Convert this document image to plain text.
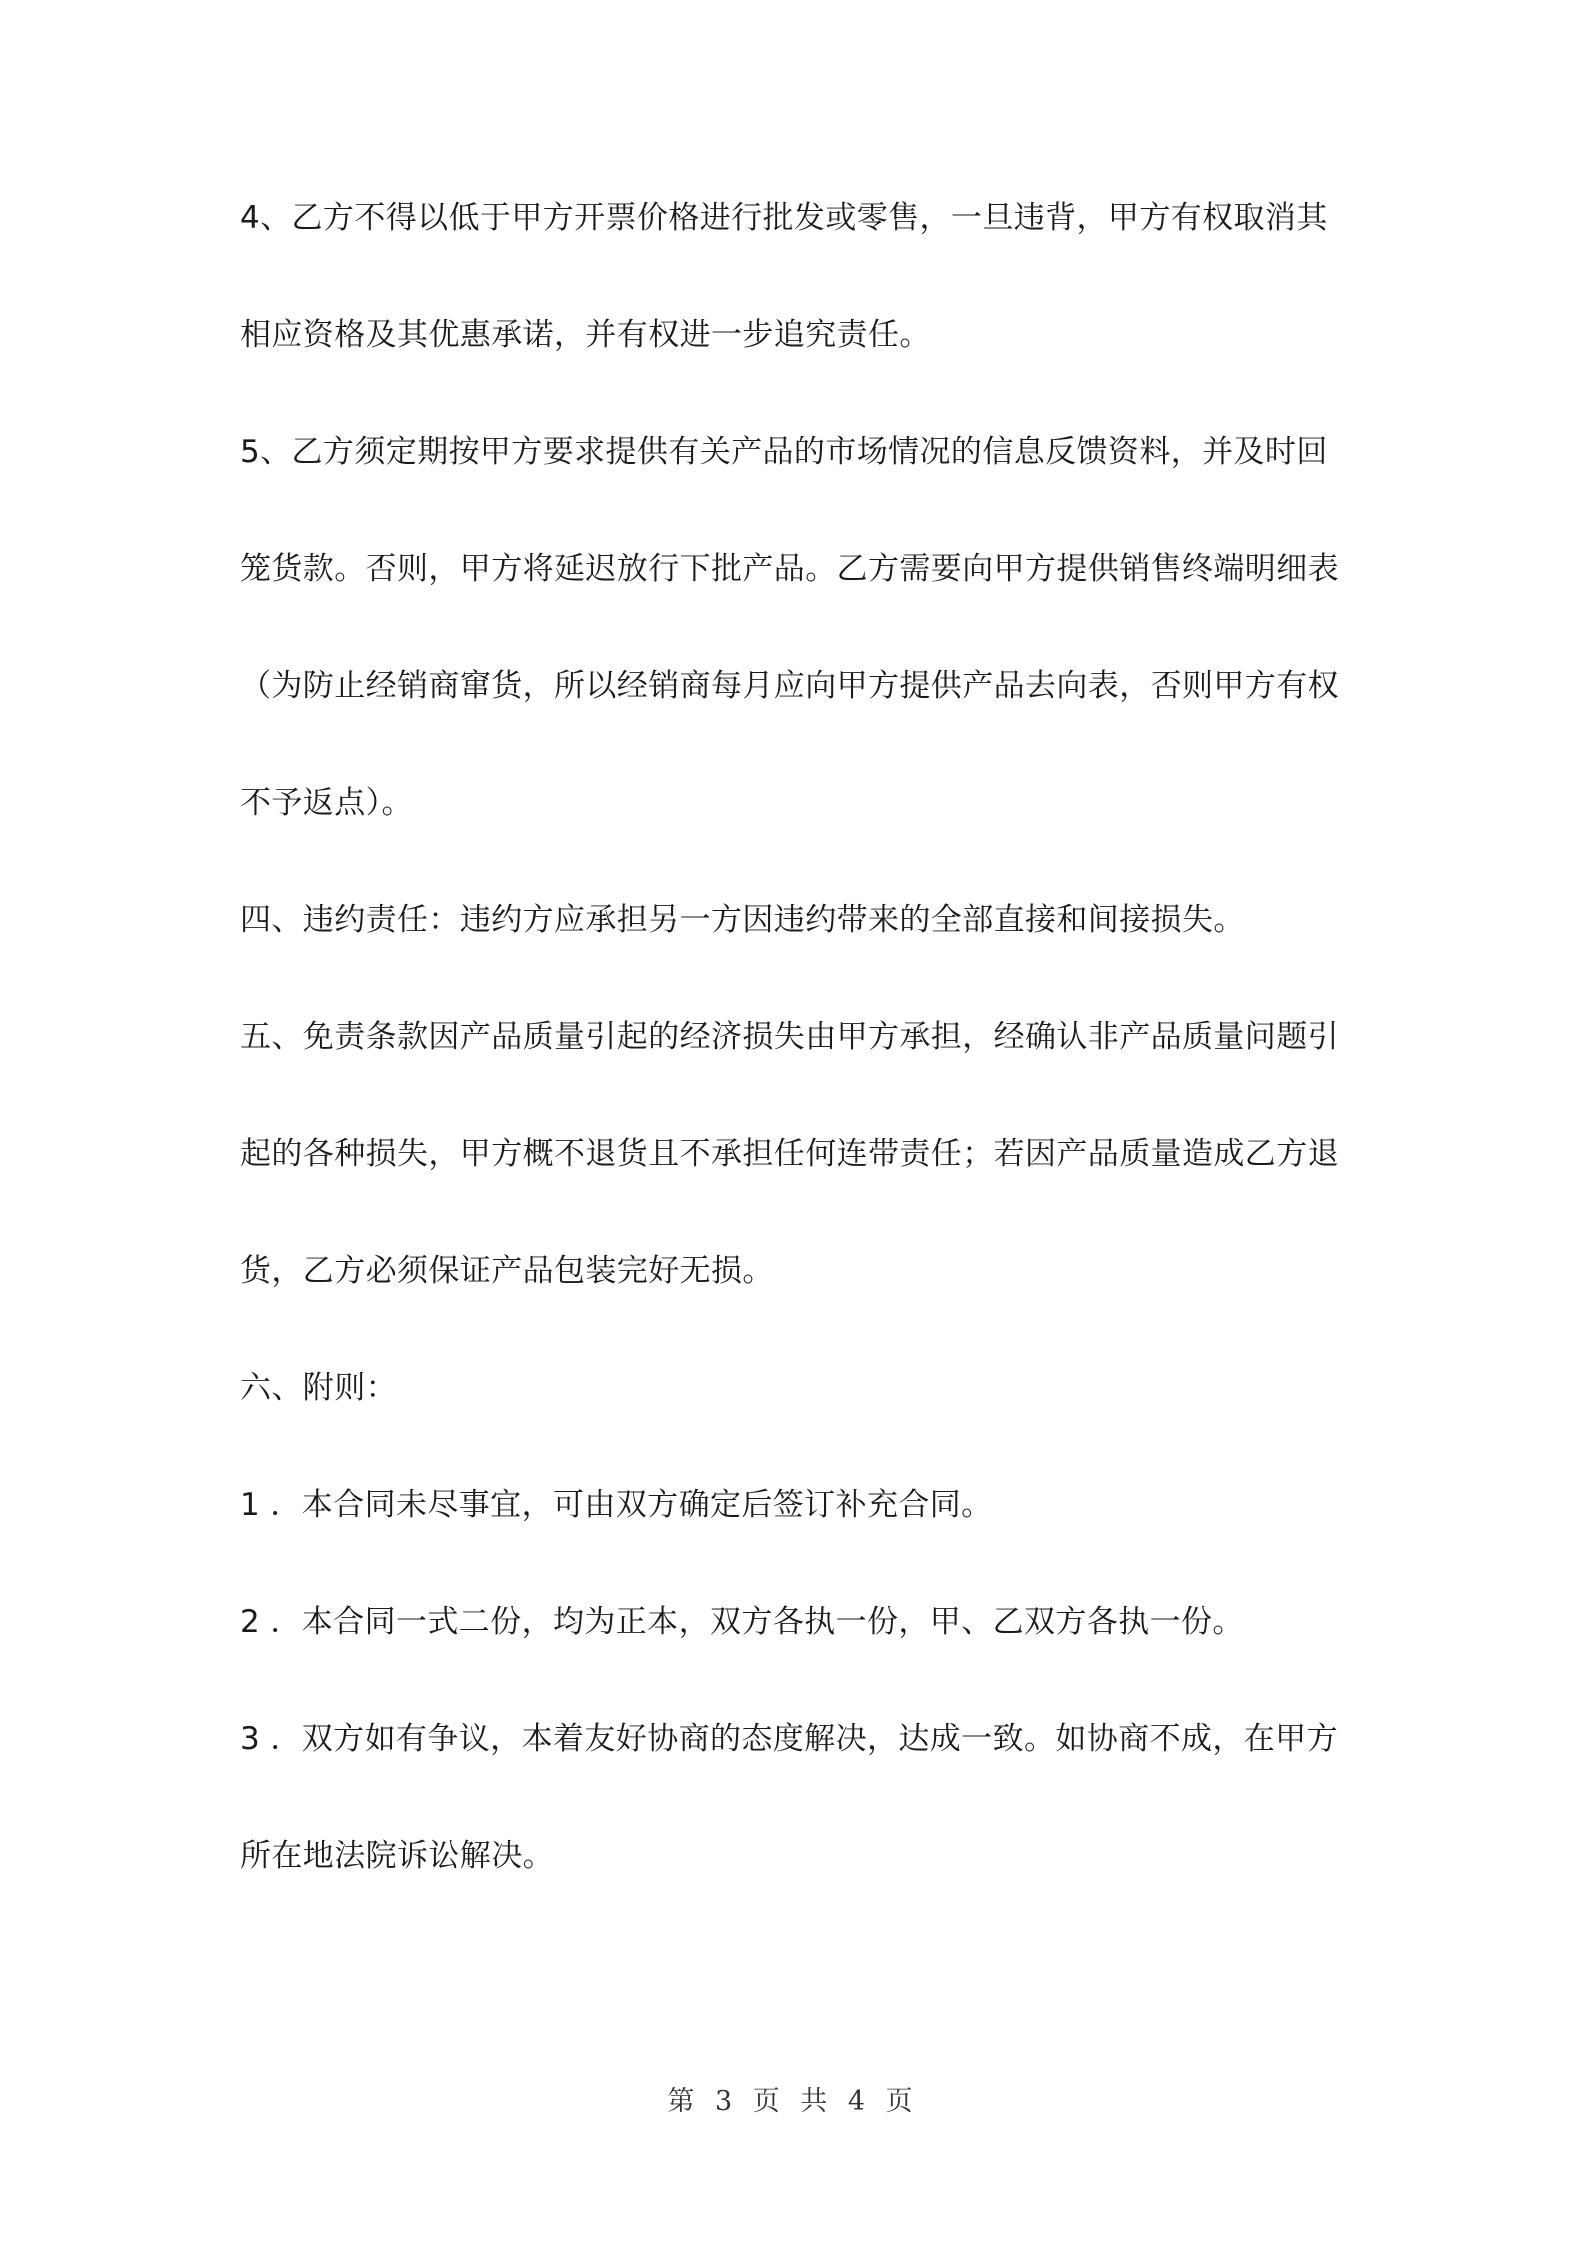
4、乙方不得以低于甲方开票价格进行批发或零售，一旦违背，甲方有权取消其
相应资格及其优惠承诺，并有权进一步追究责任。
5、乙方须定期按甲方要求提供有关产品的市场情况的信息反馈资料，并及时回
笼货款。否则，甲方将延迟放行下批产品。乙方需要向甲方提供销售终端明细表
（为防止经销商窜货，所以经销商每月应向甲方提供产品去向表，否则甲方有权
不予返点）。
四、违约责任：违约方应承担另一方因违约带来的全部直接和间接损失。
五、免责条款因产品质量引起的经济损失由甲方承担，经确认非产品质量问题引
起的各种损失，甲方概不退货且不承担任何连带责任；若因产品质量造成乙方退
货，乙方必须保证产品包装完好无损。
六、附则：
1 ．本合同未尽事宜，可由双方确定后签订补充合同。
2 ．本合同一式二份，均为正本，双方各执一份，甲、乙双方各执一份。
3 ．双方如有争议，本着友好协商的态度解决，达成一致。如协商不成，在甲方
所在地法院诉讼解决。
第 3 页 共 4 页
